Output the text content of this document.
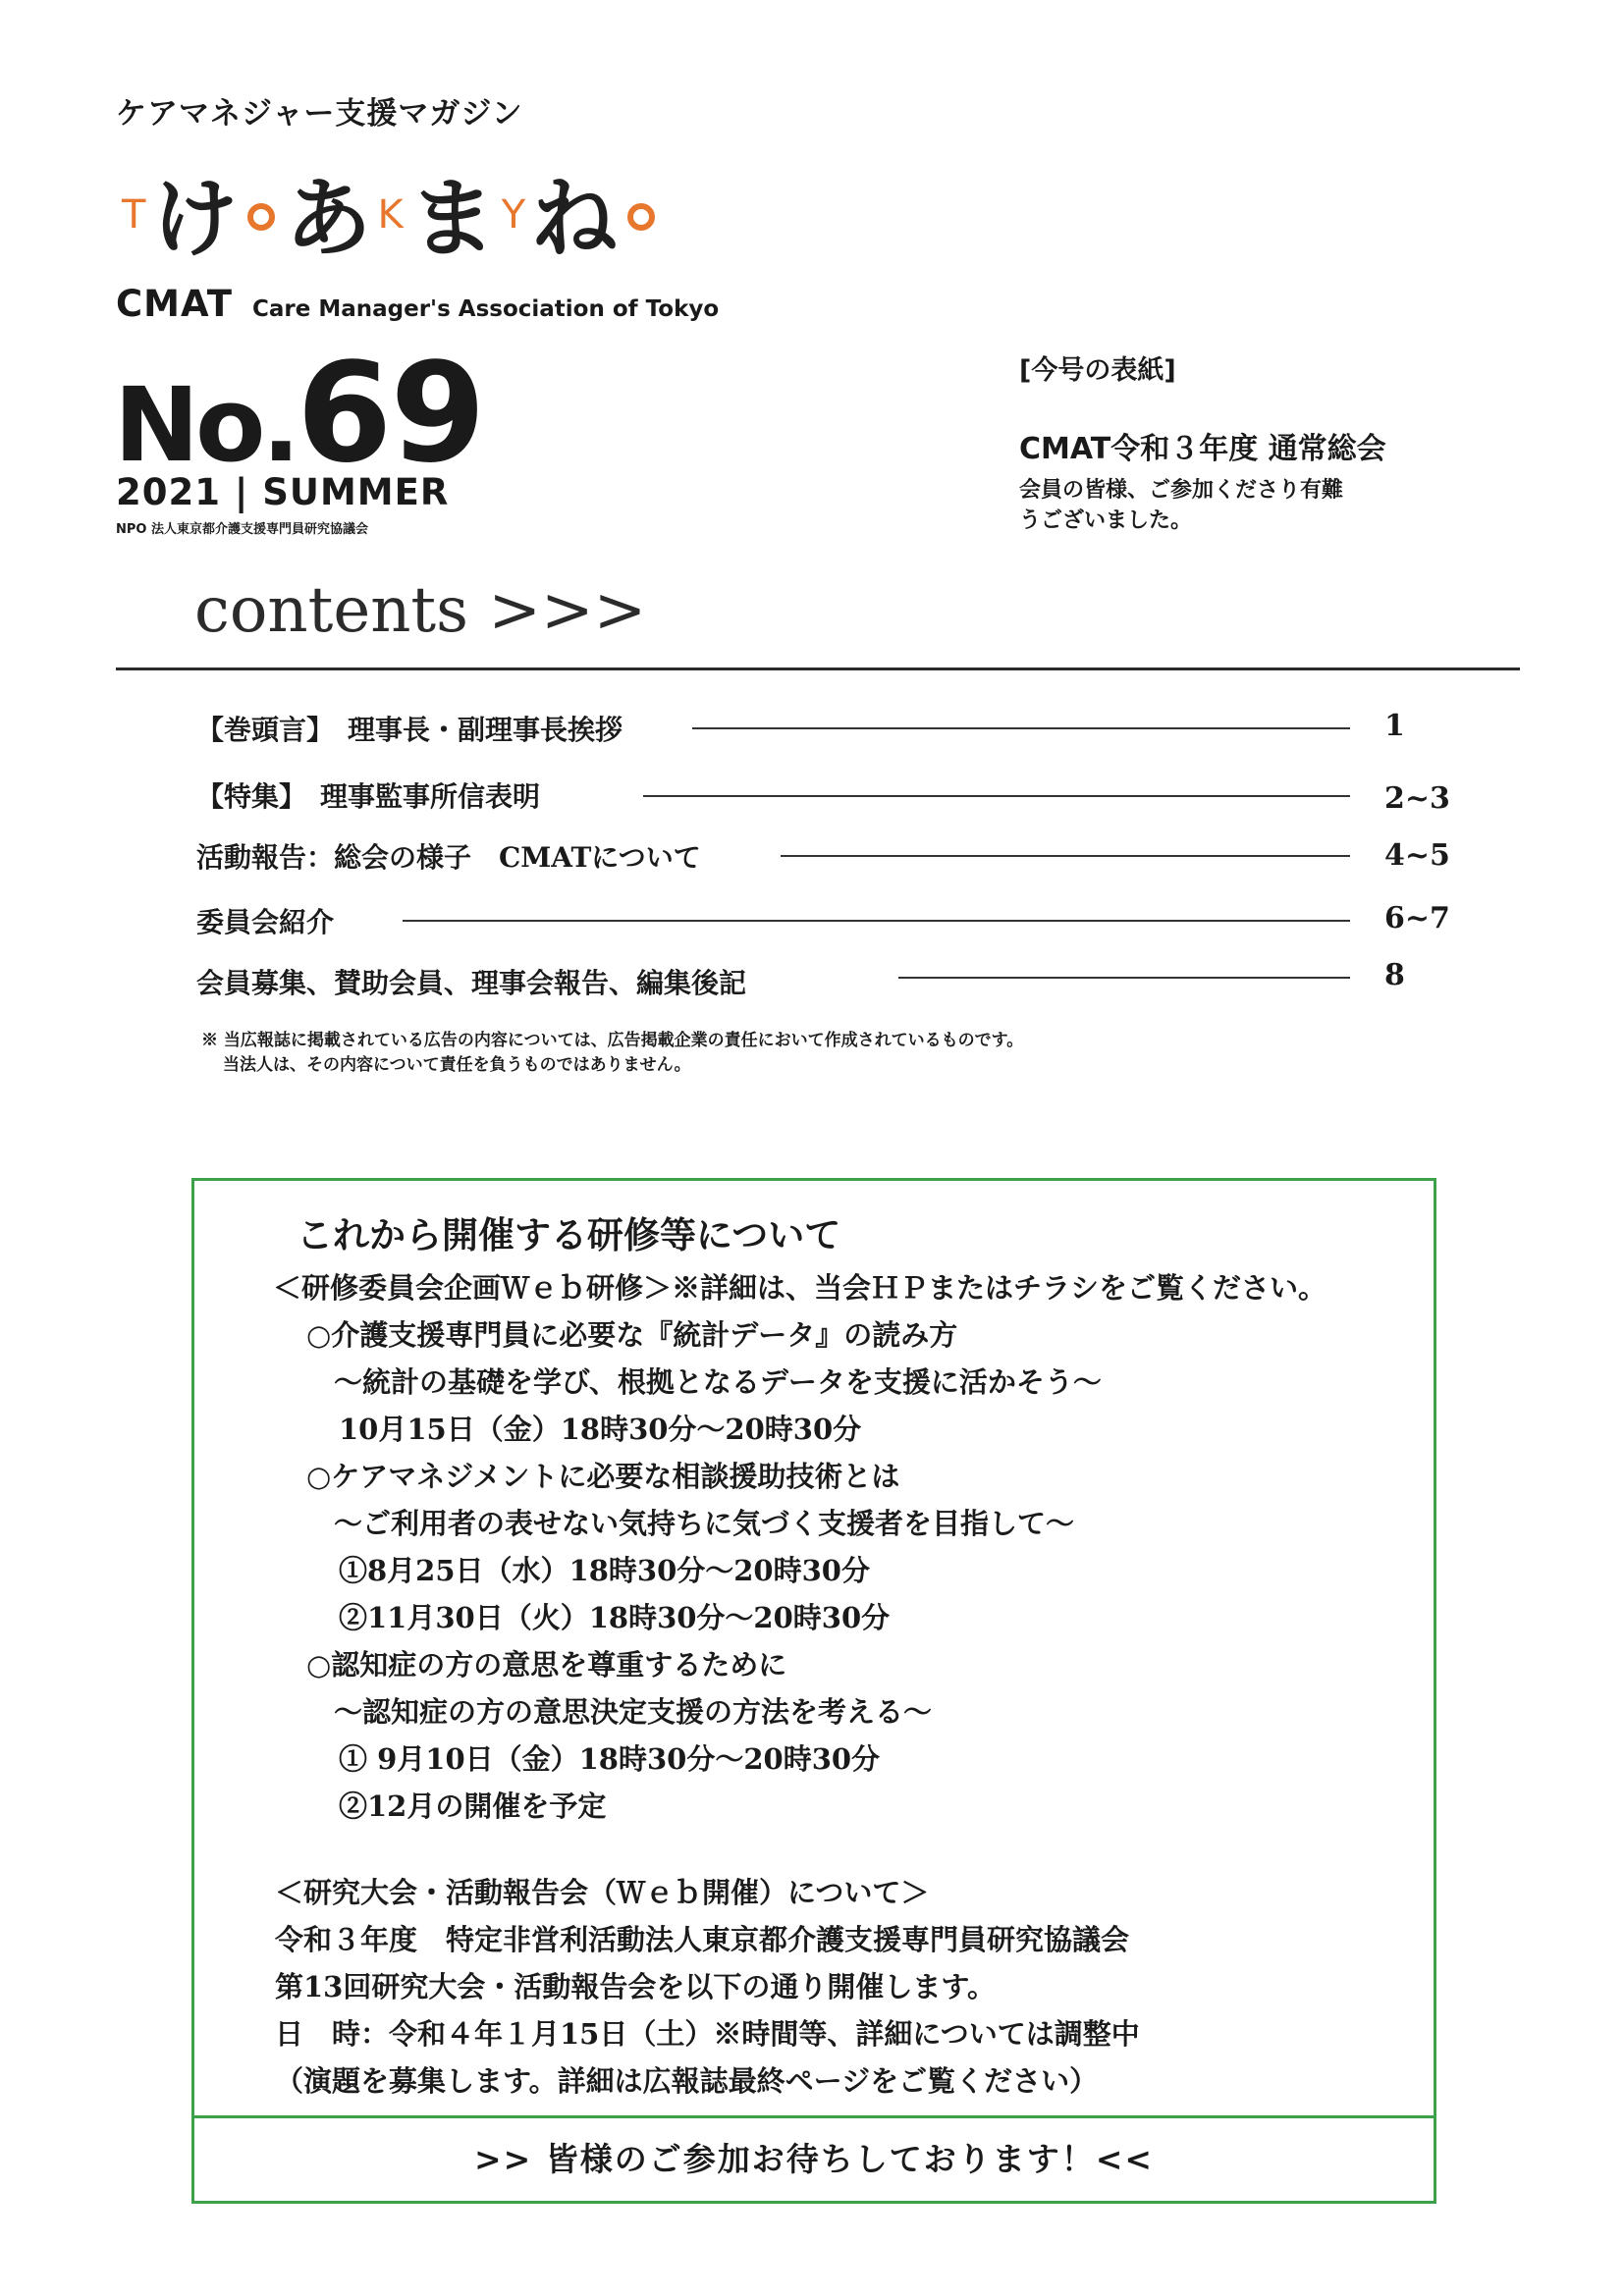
ケアマネジャー支援マガジン
T け あ K ま Y ね
CMAT Care Manager's Association of Tokyo
No.69
2021 | SUMMER
NPO 法人東京都介護支援専門員研究協議会
[今号の表紙]
CMAT令和３年度 通常総会
会員の皆様、ご参加くださり有難うございました。
contents >>>
【巻頭言】　理事長・副理事長挨拶	1
【特集】　理事監事所信表明	2~3
活動報告：総会の様子　CMATについて	4~5
委員会紹介	6~7
会員募集、賛助会員、理事会報告、編集後記	8
※ 当広報誌に掲載されている広告の内容については、広告掲載企業の責任において作成されているものです。
当法人は、その内容について責任を負うものではありません。
これから開催する研修等について
＜研修委員会企画Ｗｅｂ研修＞※詳細は、当会ＨＰまたはチラシをご覧ください。
○介護支援専門員に必要な『統計データ』の読み方
〜統計の基礎を学び、根拠となるデータを支援に活かそう〜
10月15日（金）18時30分〜20時30分
○ケアマネジメントに必要な相談援助技術とは
〜ご利用者の表せない気持ちに気づく支援者を目指して〜
①8月25日（水）18時30分〜20時30分
②11月30日（火）18時30分〜20時30分
○認知症の方の意思を尊重するために
〜認知症の方の意思決定支援の方法を考える〜
① 9月10日（金）18時30分〜20時30分
②12月の開催を予定
＜研究大会・活動報告会（Ｗｅｂ開催）について＞
令和３年度　特定非営利活動法人東京都介護支援専門員研究協議会
第13回研究大会・活動報告会を以下の通り開催します。
日　時：令和４年１月15日（土）※時間等、詳細については調整中
（演題を募集します。詳細は広報誌最終ページをご覧ください）
>> 皆様のご参加お待ちしております！<<
